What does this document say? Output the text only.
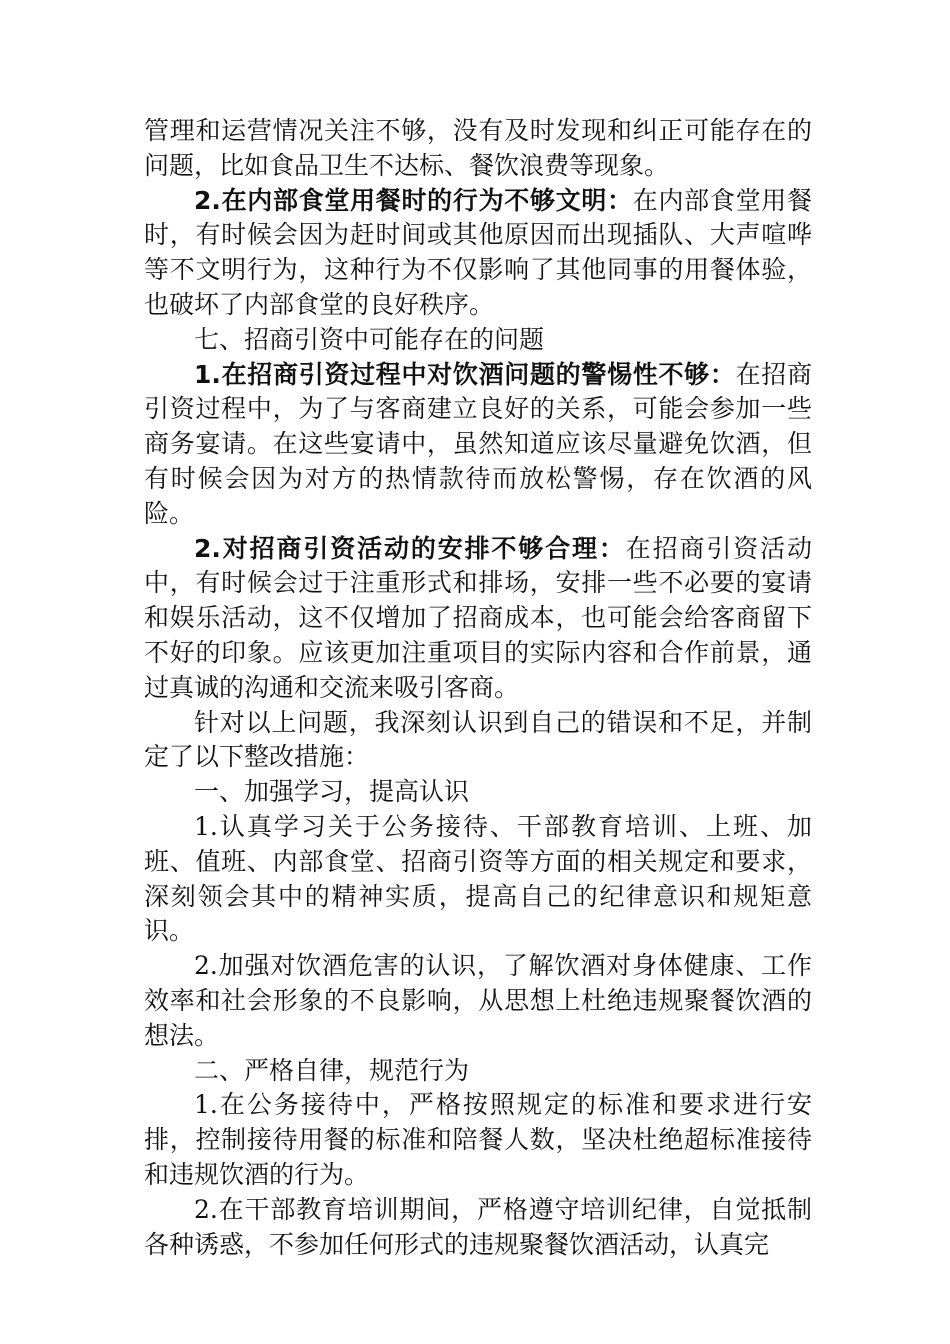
管理和运营情况关注不够，没有及时发现和纠正可能存在的问题，比如食品卫生不达标、餐饮浪费等现象。

2.在内部食堂用餐时的行为不够文明：在内部食堂用餐时，有时候会因为赶时间或其他原因而出现插队、大声喧哗等不文明行为，这种行为不仅影响了其他同事的用餐体验，也破坏了内部食堂的良好秩序。

七、招商引资中可能存在的问题

1.在招商引资过程中对饮酒问题的警惕性不够：在招商引资过程中，为了与客商建立良好的关系，可能会参加一些商务宴请。在这些宴请中，虽然知道应该尽量避免饮酒，但有时候会因为对方的热情款待而放松警惕，存在饮酒的风险。

2.对招商引资活动的安排不够合理：在招商引资活动中，有时候会过于注重形式和排场，安排一些不必要的宴请和娱乐活动，这不仅增加了招商成本，也可能会给客商留下不好的印象。应该更加注重项目的实际内容和合作前景，通过真诚的沟通和交流来吸引客商。

针对以上问题，我深刻认识到自己的错误和不足，并制定了以下整改措施：

一、加强学习，提高认识

1.认真学习关于公务接待、干部教育培训、上班、加班、值班、内部食堂、招商引资等方面的相关规定和要求，深刻领会其中的精神实质，提高自己的纪律意识和规矩意识。

2.加强对饮酒危害的认识，了解饮酒对身体健康、工作效率和社会形象的不良影响，从思想上杜绝违规聚餐饮酒的想法。

二、严格自律，规范行为

1.在公务接待中，严格按照规定的标准和要求进行安排，控制接待用餐的标准和陪餐人数，坚决杜绝超标准接待和违规饮酒的行为。

2.在干部教育培训期间，严格遵守培训纪律，自觉抵制各种诱惑，不参加任何形式的违规聚餐饮酒活动，认真完
